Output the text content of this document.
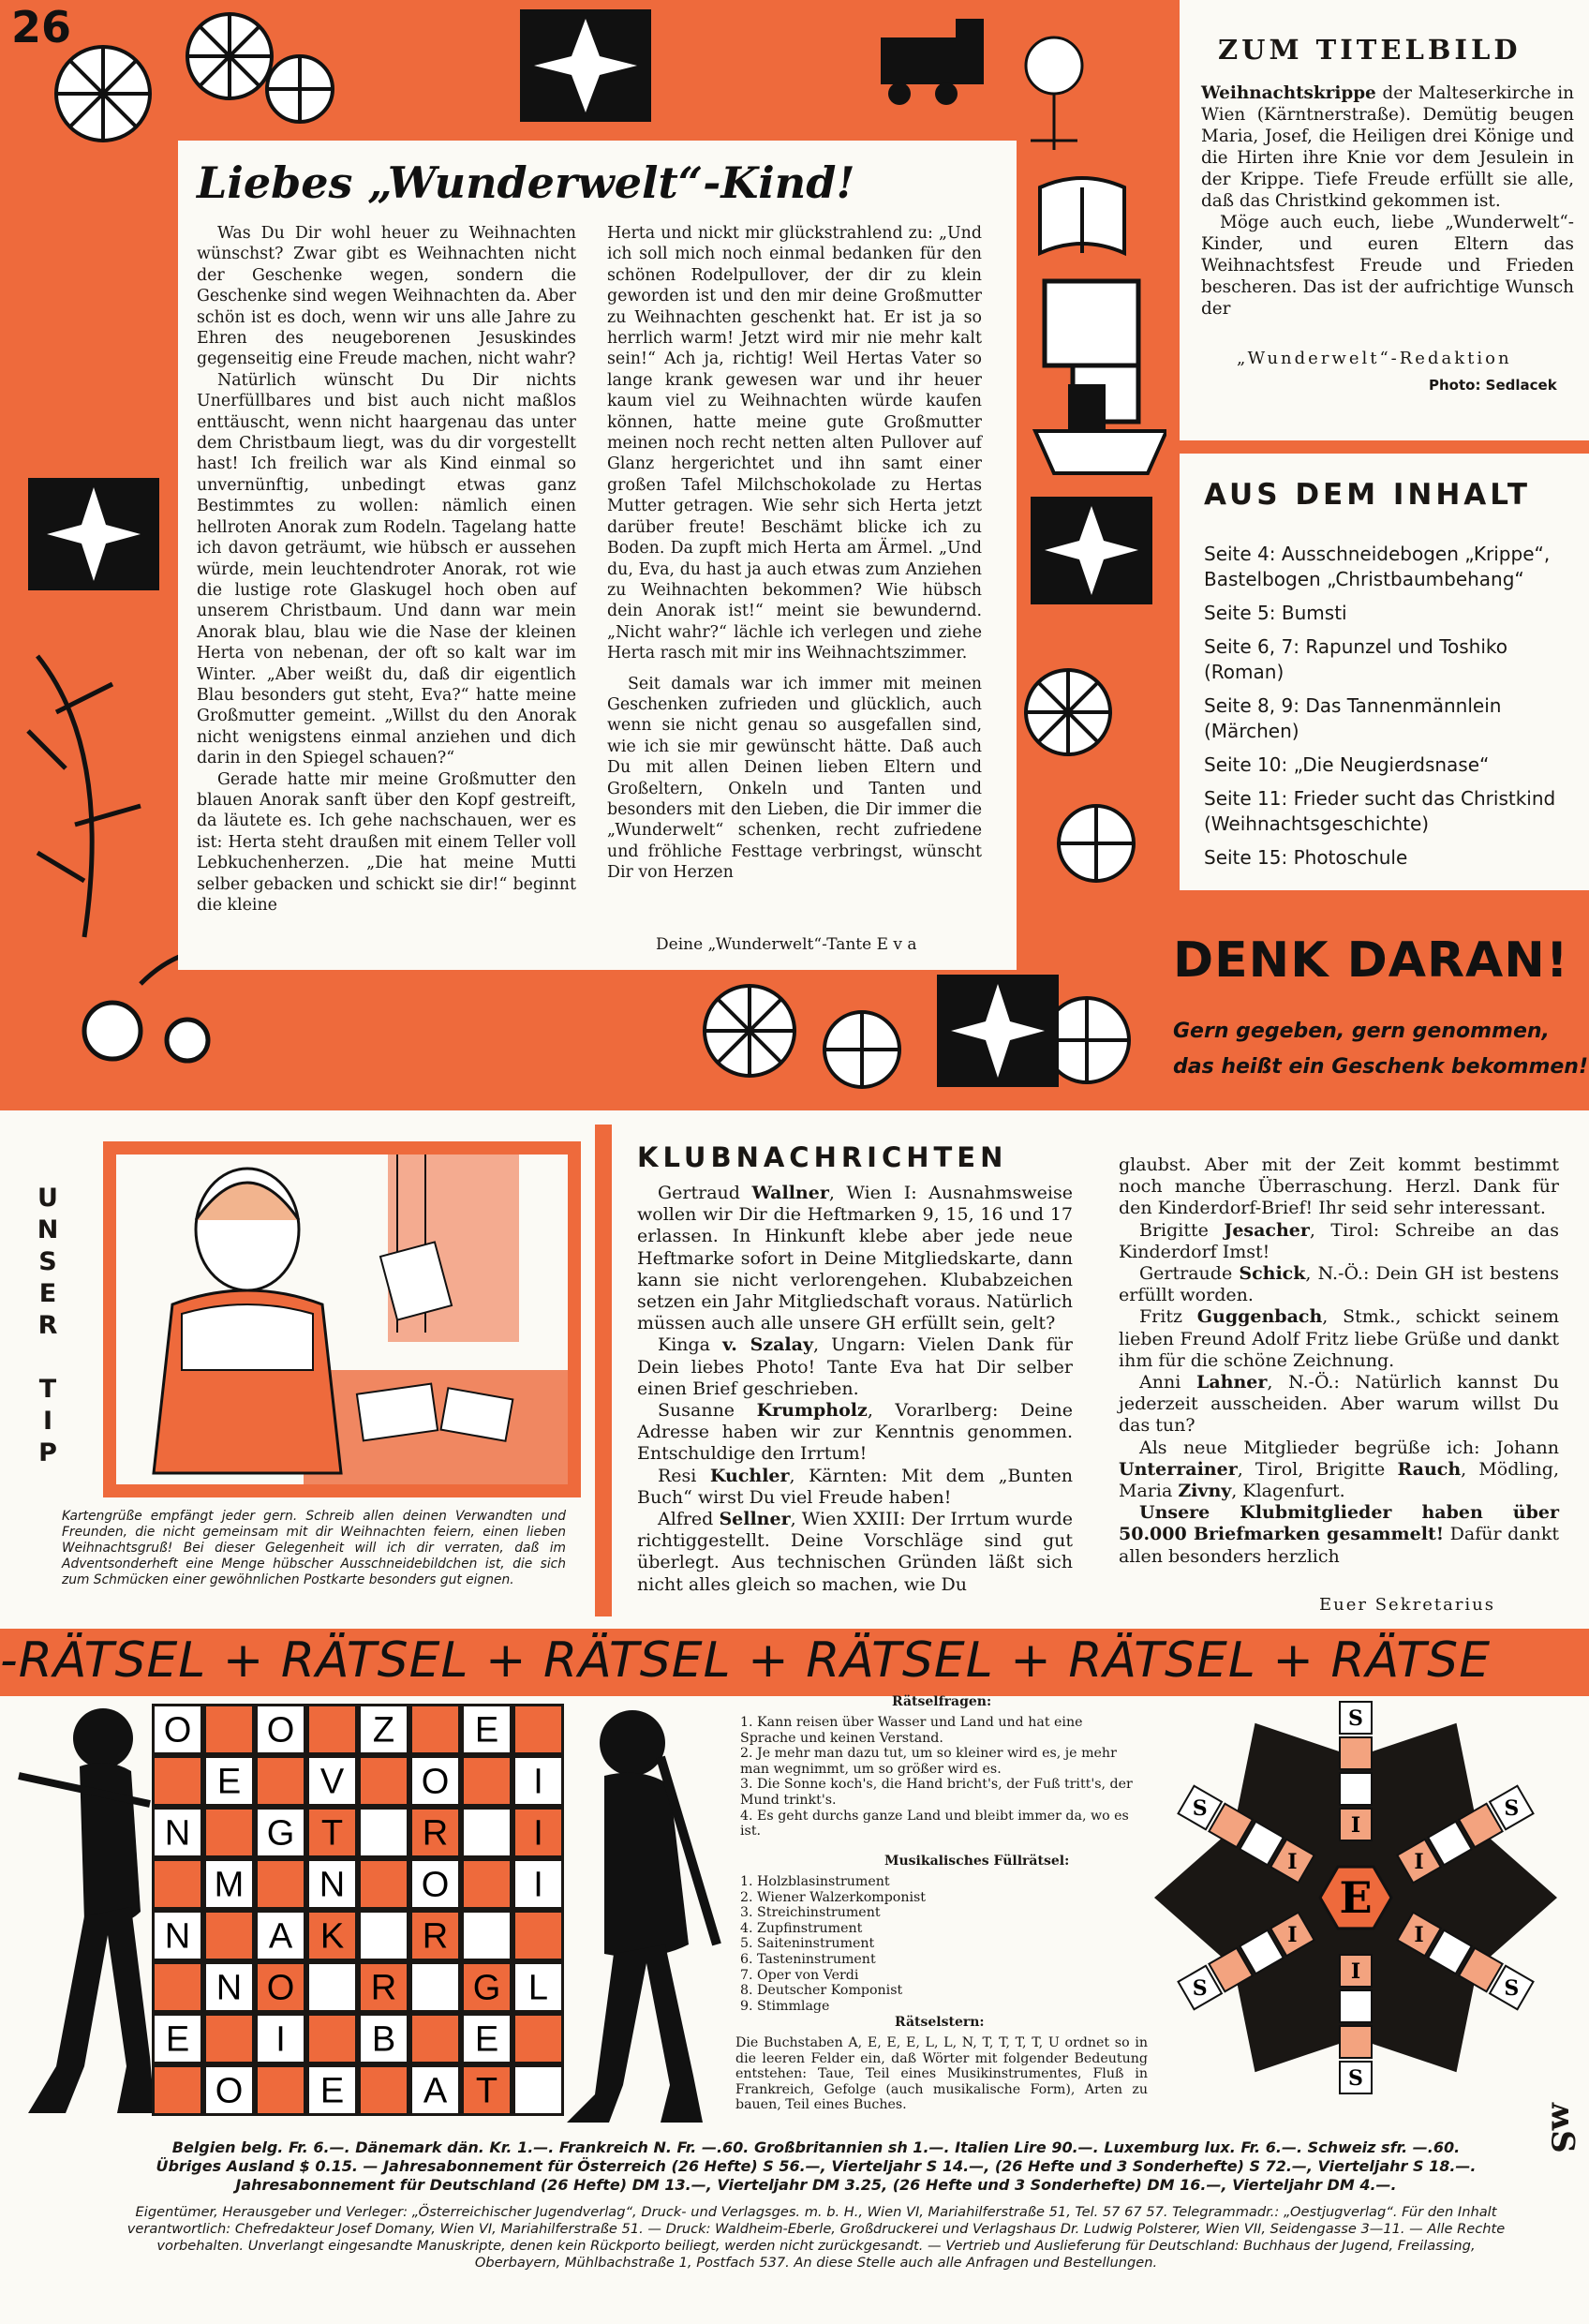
26
Liebes „Wunderwelt“-Kind!

Was Du Dir wohl heuer zu Weihnachten wünschst? Zwar gibt es Weihnachten nicht der Geschenke wegen, sondern die Geschenke sind wegen Weihnachten da. Aber schön ist es doch, wenn wir uns alle Jahre zu Ehren des neugeborenen Jesuskindes gegenseitig eine Freude machen, nicht wahr?

Natürlich wünscht Du Dir nichts Unerfüllbares und bist auch nicht maßlos enttäuscht, wenn nicht haargenau das unter dem Christbaum liegt, was du dir vorgestellt hast! Ich freilich war als Kind einmal so unvernünftig, unbedingt etwas ganz Bestimmtes zu wollen: nämlich einen hellroten Anorak zum Rodeln. Tagelang hatte ich davon geträumt, wie hübsch er aussehen würde, mein leuchtendroter Anorak, rot wie die lustige rote Glaskugel hoch oben auf unserem Christbaum. Und dann war mein Anorak blau, blau wie die Nase der kleinen Herta von nebenan, der oft so kalt war im Winter. „Aber weißt du, daß dir eigentlich Blau besonders gut steht, Eva?“ hatte meine Großmutter gemeint. „Willst du den Anorak nicht wenigstens einmal anziehen und dich darin in den Spiegel schauen?“

Gerade hatte mir meine Großmutter den blauen Anorak sanft über den Kopf gestreift, da läutete es. Ich gehe nachschauen, wer es ist: Herta steht draußen mit einem Teller voll Lebkuchenherzen. „Die hat meine Mutti selber gebacken und schickt sie dir!“ beginnt die kleine

Herta und nickt mir glückstrahlend zu: „Und ich soll mich noch einmal bedanken für den schönen Rodelpullover, der dir zu klein geworden ist und den mir deine Großmutter zu Weihnachten geschenkt hat. Er ist ja so herrlich warm! Jetzt wird mir nie mehr kalt sein!“ Ach ja, richtig! Weil Hertas Vater so lange krank gewesen war und ihr heuer kaum viel zu Weihnachten würde kaufen können, hatte meine gute Großmutter meinen noch recht netten alten Pullover auf Glanz hergerichtet und ihn samt einer großen Tafel Milchschokolade zu Hertas Mutter getragen. Wie sehr sich Herta jetzt darüber freute! Beschämt blicke ich zu Boden. Da zupft mich Herta am Ärmel. „Und du, Eva, du hast ja auch etwas zum Anziehen zu Weihnachten bekommen? Wie hübsch dein Anorak ist!“ meint sie bewundernd. „Nicht wahr?“ lächle ich verlegen und ziehe Herta rasch mit mir ins Weihnachtszimmer.

Seit damals war ich immer mit meinen Geschenken zufrieden und glücklich, auch wenn sie nicht genau so ausgefallen sind, wie ich sie mir gewünscht hätte. Daß auch Du mit allen Deinen lieben Eltern und Großeltern, Onkeln und Tanten und besonders mit den Lieben, die Dir immer die „Wunderwelt“ schenken, recht zufriedene und fröhliche Festtage verbringst, wünscht Dir von Herzen

Deine „Wunderwelt“-Tante E v a
ZUM TITELBILD

Weihnachtskrippe der Malteserkirche in Wien (Kärntnerstraße). Demütig beugen Maria, Josef, die Heiligen drei Könige und die Hirten ihre Knie vor dem Jesulein in der Krippe. Tiefe Freude erfüllt sie alle, daß das Christkind gekommen ist.

Möge auch euch, liebe „Wunderwelt“-Kinder, und euren Eltern das Weihnachtsfest Freude und Frieden bescheren. Das ist der aufrichtige Wunsch der

„Wunderwelt“-Redaktion
Photo: Sedlacek
AUS DEM INHALT
Seite 4: Ausschneidebogen „Krippe“, Bastelbogen „Christbaumbehang“
Seite 5: Bumsti
Seite 6, 7: Rapunzel und Toshiko (Roman)
Seite 8, 9: Das Tannenmännlein (Märchen)
Seite 10: „Die Neugierdsnase“
Seite 11: Frieder sucht das Christkind (Weihnachtsgeschichte)
Seite 15: Photoschule
DENK DARAN!
Gern gegeben, gern genommen,
das heißt ein Geschenk bekommen!
U
N
S
E
R
T
I
P
Kartengrüße empfängt jeder gern. Schreib allen deinen Verwandten und Freunden, die nicht gemeinsam mit dir Weihnachten feiern, einen lieben Weihnachtsgruß! Bei dieser Gelegenheit will ich dir verraten, daß im Adventsonderheft eine Menge hübscher Ausschneidebildchen ist, die sich zum Schmücken einer gewöhnlichen Postkarte besonders gut eignen.
KLUBNACHRICHTEN

Gertraud Wallner, Wien I: Ausnahmsweise wollen wir Dir die Heftmarken 9, 15, 16 und 17 erlassen. In Hinkunft klebe aber jede neue Heftmarke sofort in Deine Mitgliedskarte, dann kann sie nicht verlorengehen. Klubabzeichen setzen ein Jahr Mitgliedschaft voraus. Natürlich müssen auch alle unsere GH erfüllt sein, gelt?

Kinga v. Szalay, Ungarn: Vielen Dank für Dein liebes Photo! Tante Eva hat Dir selber einen Brief geschrieben.

Susanne Krumpholz, Vorarlberg: Deine Adresse haben wir zur Kenntnis genommen. Entschuldige den Irrtum!

Resi Kuchler, Kärnten: Mit dem „Bunten Buch“ wirst Du viel Freude haben!

Alfred Sellner, Wien XXIII: Der Irrtum wurde richtiggestellt. Deine Vorschläge sind gut überlegt. Aus technischen Gründen läßt sich nicht alles gleich so machen, wie Du

glaubst. Aber mit der Zeit kommt bestimmt noch manche Überraschung. Herzl. Dank für den Kinderdorf-Brief! Ihr seid sehr interessant.

Brigitte Jesacher, Tirol: Schreibe an das Kinderdorf Imst!

Gertraude Schick, N.-Ö.: Dein GH ist bestens erfüllt worden.

Fritz Guggenbach, Stmk., schickt seinem lieben Freund Adolf Fritz liebe Grüße und dankt ihm für die schöne Zeichnung.

Anni Lahner, N.-Ö.: Natürlich kannst Du jederzeit ausscheiden. Aber warum willst Du das tun?

Als neue Mitglieder begrüße ich: Johann Unterrainer, Tirol, Brigitte Rauch, Mödling, Maria Zivny, Klagenfurt.

Unsere Klubmitglieder haben über 50.000 Briefmarken gesammelt! Dafür dankt allen besonders herzlich

Euer Sekretarius
-RÄTSEL + RÄTSEL + RÄTSEL + RÄTSEL + RÄTSEL + RÄTSE
O O Z E
E V O I
N G T R I
M N O I
N A K R
N O R G L
E I B E
O E A T
Rätselfragen:
1. Kann reisen über Wasser und Land und hat eine Sprache und keinen Verstand.
2. Je mehr man dazu tut, um so kleiner wird es, je mehr man wegnimmt, um so größer wird es.
3. Die Sonne koch's, die Hand bricht's, der Fuß tritt's, der Mund trinkt's.
4. Es geht durchs ganze Land und bleibt immer da, wo es ist.
Musikalisches Füllrätsel:
1. Holzblasinstrument
2. Wiener Walzerkomponist
3. Streichinstrument
4. Zupfinstrument
5. Saiteninstrument
6. Tasteninstrument
7. Oper von Verdi
8. Deutscher Komponist
9. Stimmlage
Rätselstern:
Die Buchstaben A, E, E, E, L, L, N, T, T, T, T, U ordnet so in die leeren Felder ein, daß Wörter mit folgender Bedeutung entstehen: Taue, Teil eines Musikinstrumentes, Fluß in Frankreich, Gefolge (auch musikalische Form), Arten zu bauen, Teil eines Buches.
I
S
I
S
I
S
I
S
I
S
I
S
E
Belgien belg. Fr. 6.—. Dänemark dän. Kr. 1.—. Frankreich N. Fr. —.60. Großbritannien sh 1.—. Italien Lire 90.—. Luxemburg lux. Fr. 6.—. Schweiz sfr. —.60.
Übriges Ausland $ 0.15. — Jahresabonnement für Österreich (26 Hefte) S 56.—, Vierteljahr S 14.—, (26 Hefte und 3 Sonderhefte) S 72.—, Vierteljahr S 18.—.
Jahresabonnement für Deutschland (26 Hefte) DM 13.—, Vierteljahr DM 3.25, (26 Hefte und 3 Sonderhefte) DM 16.—, Vierteljahr DM 4.—.
Eigentümer, Herausgeber und Verleger: „Österreichischer Jugendverlag“, Druck- und Verlagsges. m. b. H., Wien VI, Mariahilferstraße 51, Tel. 57 67 57. Telegrammadr.: „Oestjugverlag“. Für den Inhalt verantwortlich: Chefredakteur Josef Domany, Wien VI, Mariahilferstraße 51. — Druck: Waldheim-Eberle, Großdruckerei und Verlagshaus Dr. Ludwig Polsterer, Wien VII, Seidengasse 3—11. — Alle Rechte vorbehalten. Unverlangt eingesandte Manuskripte, denen kein Rückporto beiliegt, werden nicht zurückgesandt. — Vertrieb und Auslieferung für Deutschland: Buchhaus der Jugend, Freilassing, Oberbayern, Mühlbachstraße 1, Postfach 537. An diese Stelle auch alle Anfragen und Bestellungen.
ʍS
